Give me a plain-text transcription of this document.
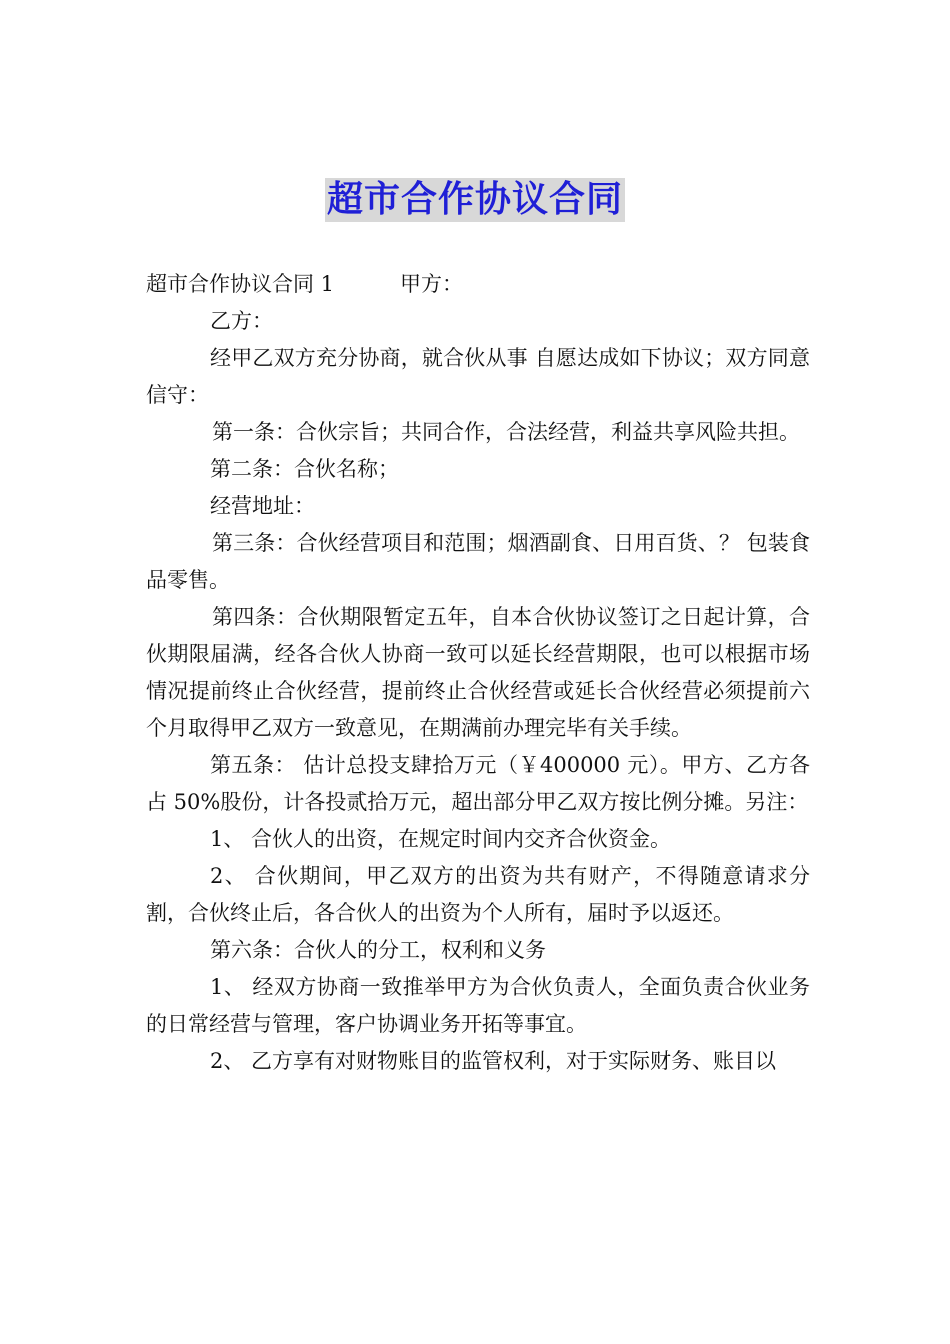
超市合作协议合同

超市合作协议合同 1	甲方：

乙方：

经甲乙双方充分协商，就合伙从事 自愿达成如下协议；双方同意信守：

第一条：合伙宗旨；共同合作，合法经营，利益共享风险共担。

第二条：合伙名称；

经营地址：

第三条：合伙经营项目和范围；烟酒副食、日用百货、？ 包装食品零售。

第四条：合伙期限暂定五年，自本合伙协议签订之日起计算，合伙期限届满，经各合伙人协商一致可以延长经营期限，也可以根据市场情况提前终止合伙经营，提前终止合伙经营或延长合伙经营必须提前六个月取得甲乙双方一致意见，在期满前办理完毕有关手续。

第五条： 估计总投支肆拾万元（￥400000 元）。甲方、乙方各占 50%股份，计各投贰拾万元，超出部分甲乙双方按比例分摊。另注：

1、 合伙人的出资，在规定时间内交齐合伙资金。

2、 合伙期间，甲乙双方的出资为共有财产，不得随意请求分割，合伙终止后，各合伙人的出资为个人所有，届时予以返还。

第六条：合伙人的分工，权利和义务

1、 经双方协商一致推举甲方为合伙负责人，全面负责合伙业务的日常经营与管理，客户协调业务开拓等事宜。

2、 乙方享有对财物账目的监管权利，对于实际财务、账目以
